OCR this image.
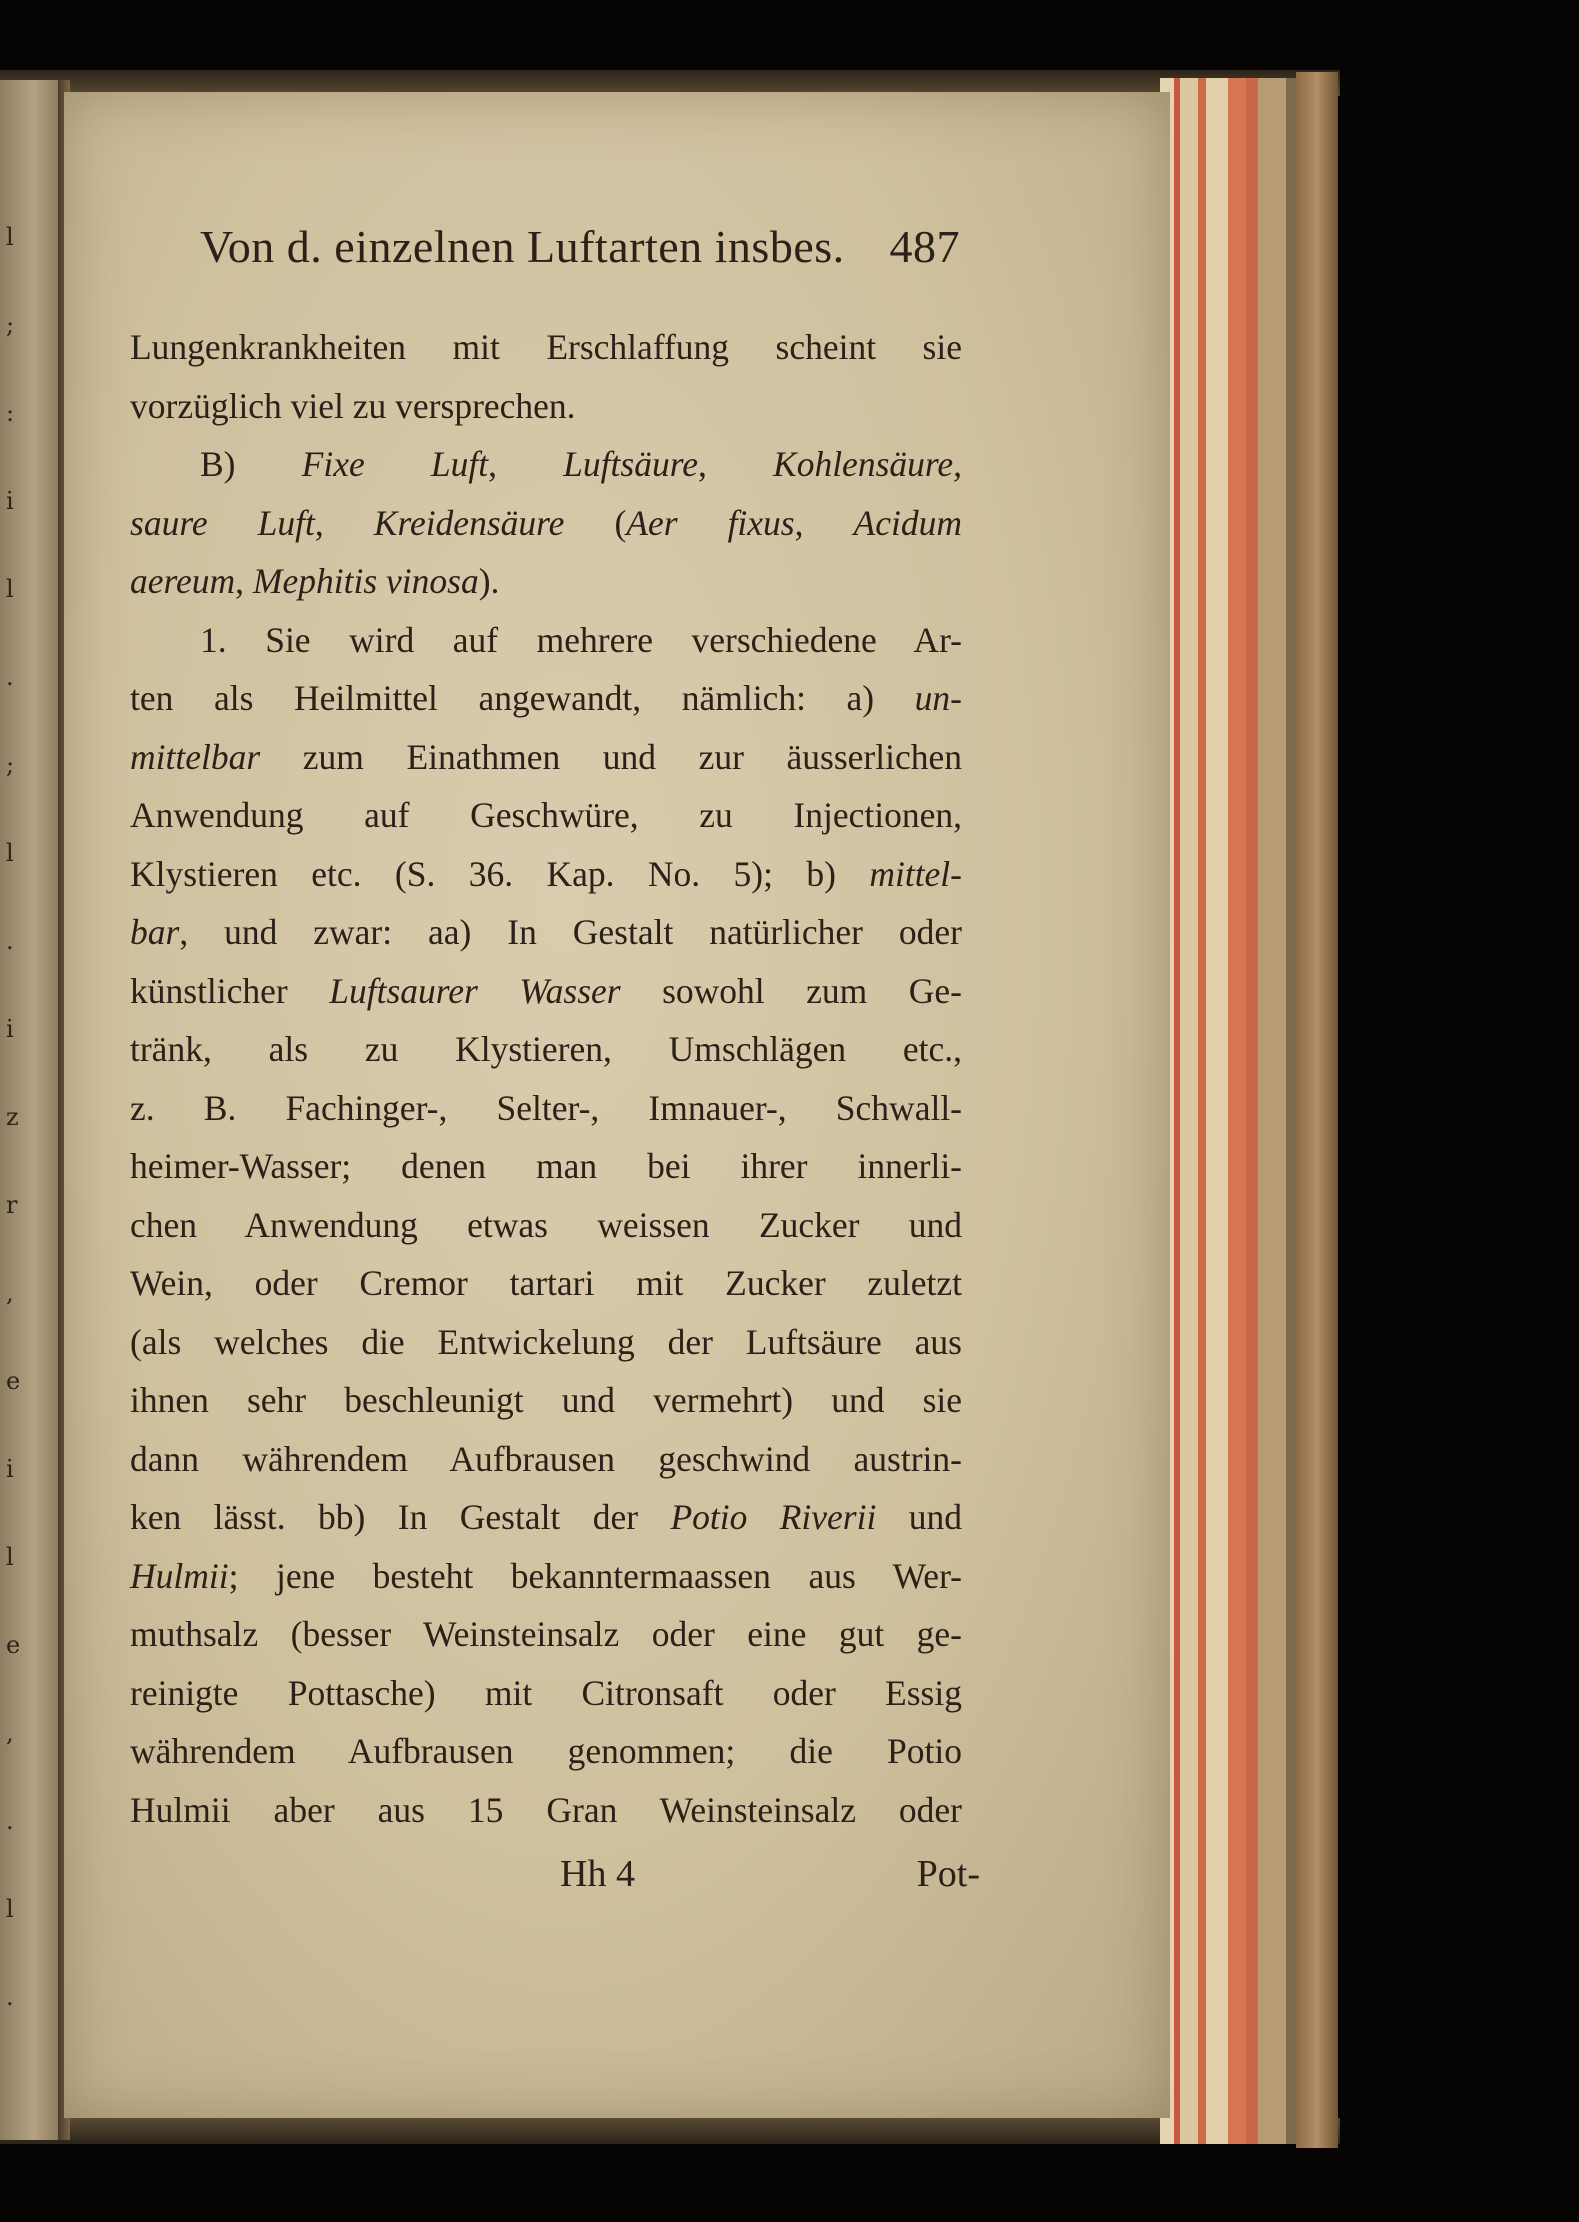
l
;
:
i
l
.
;
l
.
i
z
r
,
e
i
l
e
,
.
l
.
Von d. einzelnen Luftarten insbes. 487
Lungenkrankheiten mit Erschlaffung scheint sie
vorzüglich viel zu versprechen.
B) Fixe Luft, Luftsäure, Kohlensäure,
saure Luft, Kreidensäure (Aer fixus, Acidum
aereum, Mephitis vinosa).
1. Sie wird auf mehrere verschiedene Ar-
ten als Heilmittel angewandt, nämlich: a) un-
mittelbar zum Einathmen und zur äusserlichen
Anwendung auf Geschwüre, zu Injectionen,
Klystieren etc. (S. 36. Kap. No. 5); b) mittel-
bar, und zwar: aa) In Gestalt natürlicher oder
künstlicher Luftsaurer Wasser sowohl zum Ge-
tränk, als zu Klystieren, Umschlägen etc.,
z. B. Fachinger-, Selter-, Imnauer-, Schwall-
heimer-Wasser; denen man bei ihrer innerli-
chen Anwendung etwas weissen Zucker und
Wein, oder Cremor tartari mit Zucker zuletzt
(als welches die Entwickelung der Luftsäure aus
ihnen sehr beschleunigt und vermehrt) und sie
dann währendem Aufbrausen geschwind austrin-
ken lässt. bb) In Gestalt der Potio Riverii und
Hulmii; jene besteht bekanntermaassen aus Wer-
muthsalz (besser Weinsteinsalz oder eine gut ge-
reinigte Pottasche) mit Citronsaft oder Essig
währendem Aufbrausen genommen; die Potio
Hulmii aber aus 15 Gran Weinsteinsalz oder
Hh 4	Pot-
